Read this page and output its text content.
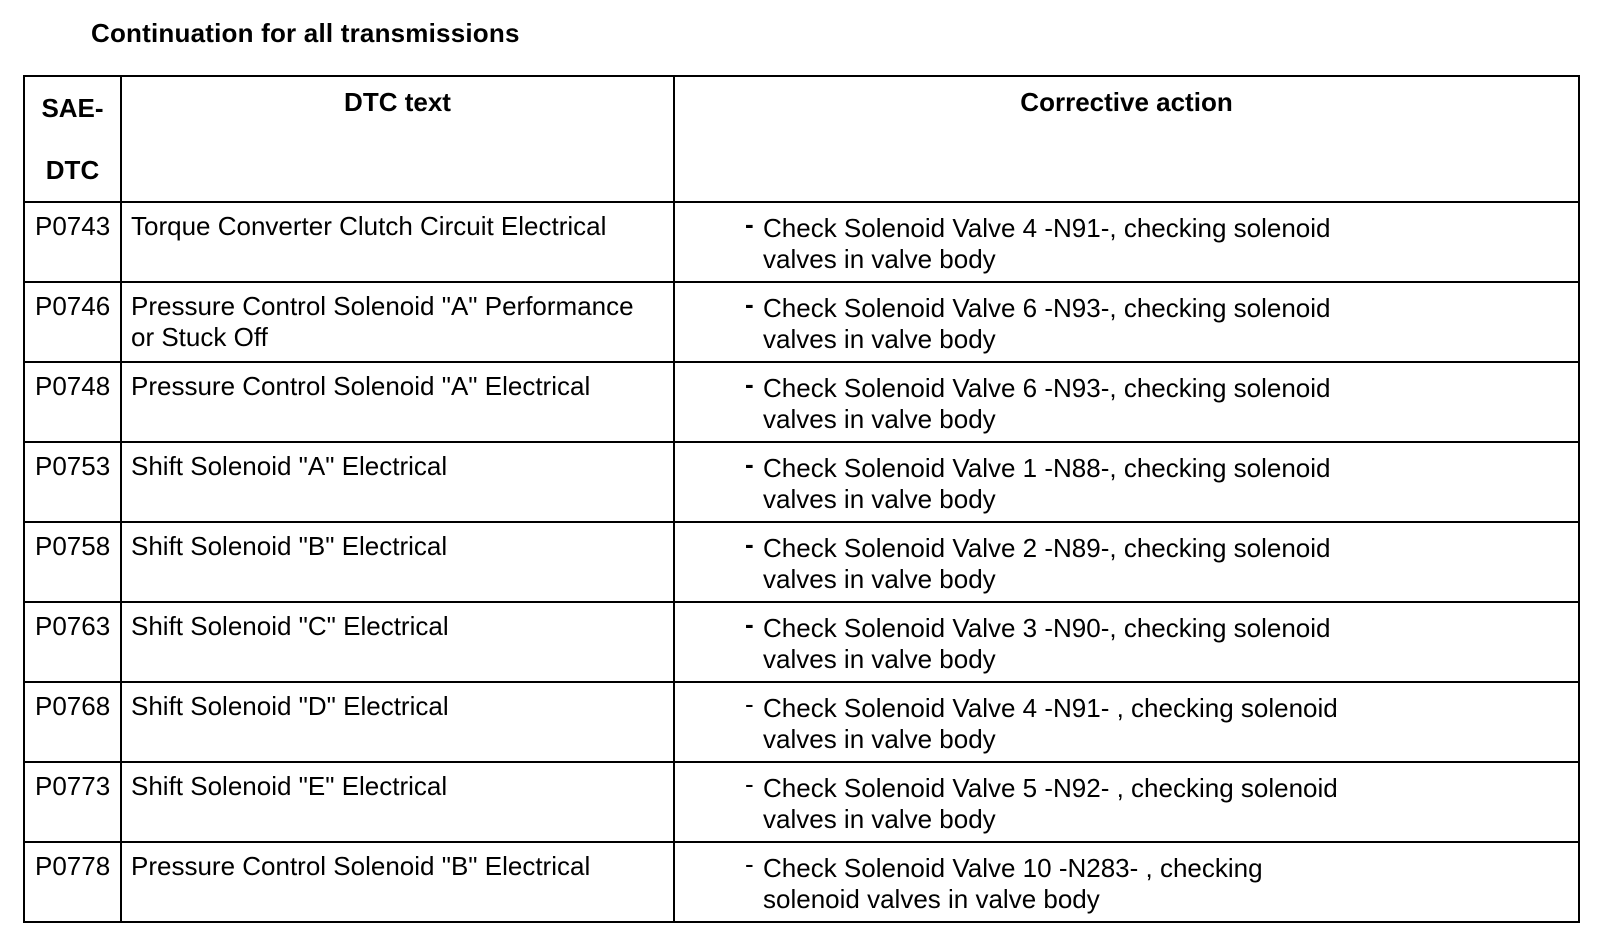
Continuation for all transmissions
SAE-
DTC	DTC text	Corrective action

P0743	Torque Converter Clutch Circuit Electrical	- Check Solenoid Valve 4 -N91-, checking solenoid valves in valve body

P0746	Pressure Control Solenoid "A" Performance or Stuck Off	- Check Solenoid Valve 6 -N93-, checking solenoid valves in valve body

P0748	Pressure Control Solenoid "A" Electrical	- Check Solenoid Valve 6 -N93-, checking solenoid valves in valve body

P0753	Shift Solenoid "A" Electrical	- Check Solenoid Valve 1 -N88-, checking solenoid valves in valve body

P0758	Shift Solenoid "B" Electrical	- Check Solenoid Valve 2 -N89-, checking solenoid valves in valve body

P0763	Shift Solenoid "C" Electrical	- Check Solenoid Valve 3 -N90-, checking solenoid valves in valve body

P0768	Shift Solenoid "D" Electrical	- Check Solenoid Valve 4 -N91- , checking solenoid valves in valve body

P0773	Shift Solenoid "E" Electrical	- Check Solenoid Valve 5 -N92- , checking solenoid valves in valve body

P0778	Pressure Control Solenoid "B" Electrical	- Check Solenoid Valve 10 -N283- , checking solenoid valves in valve body
